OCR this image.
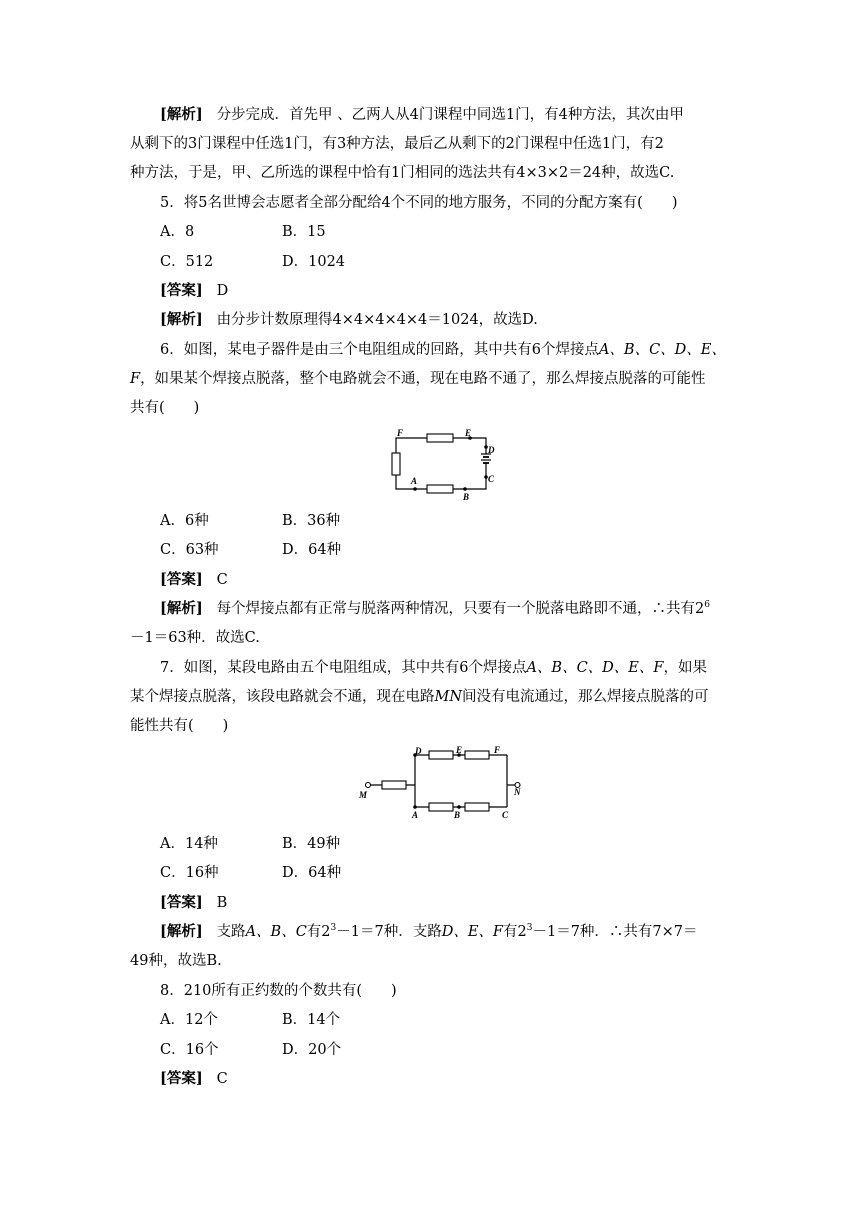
[解析] 分步完成．首先甲 、乙两人从4门课程中同选1门，有4种方法，其次由甲
从剩下的3门课程中任选1门，有3种方法，最后乙从剩下的2门课程中任选1门，有2
种方法，于是，甲、乙所选的课程中恰有1门相同的选法共有4×3×2＝24种，故选C.
5．将5名世博会志愿者全部分配给4个不同的地方服务，不同的分配方案有(　　)
A．8	B．15
C．512	D．1024
[答案] D
[解析] 由分步计数原理得4×4×4×4×4＝1024，故选D.
6．如图，某电子器件是由三个电阻组成的回路，其中共有6个焊接点A、B、C、D、E、
F，如果某个焊接点脱落，整个电路就会不通，现在电路不通了，那么焊接点脱落的可能性
共有(　　)
F	E
D
C
A
B
A．6种	B．36种
C．63种	D．64种
[答案] C
[解析] 每个焊接点都有正常与脱落两种情况，只要有一个脱落电路即不通，∴共有$2^6$
－1＝63种．故选C.
7．如图，某段电路由五个电阻组成，其中共有6个焊接点A、B、C、D、E、F，如果
某个焊接点脱落，该段电路就会不通，现在电路MN间没有电流通过，那么焊接点脱落的可
能性共有(　　)
M	N
D	E	F
A	B	C
A．14种	B．49种
C．16种	D．64种
[答案] B
[解析] 支路A、B、C有$2^3-1=7$种．支路D、E、F有$2^3-1=7$种．∴共有7×7＝
49种，故选B.
8．210所有正约数的个数共有(　　)
A．12个	B．14个
C．16个	D．20个
[答案] C
